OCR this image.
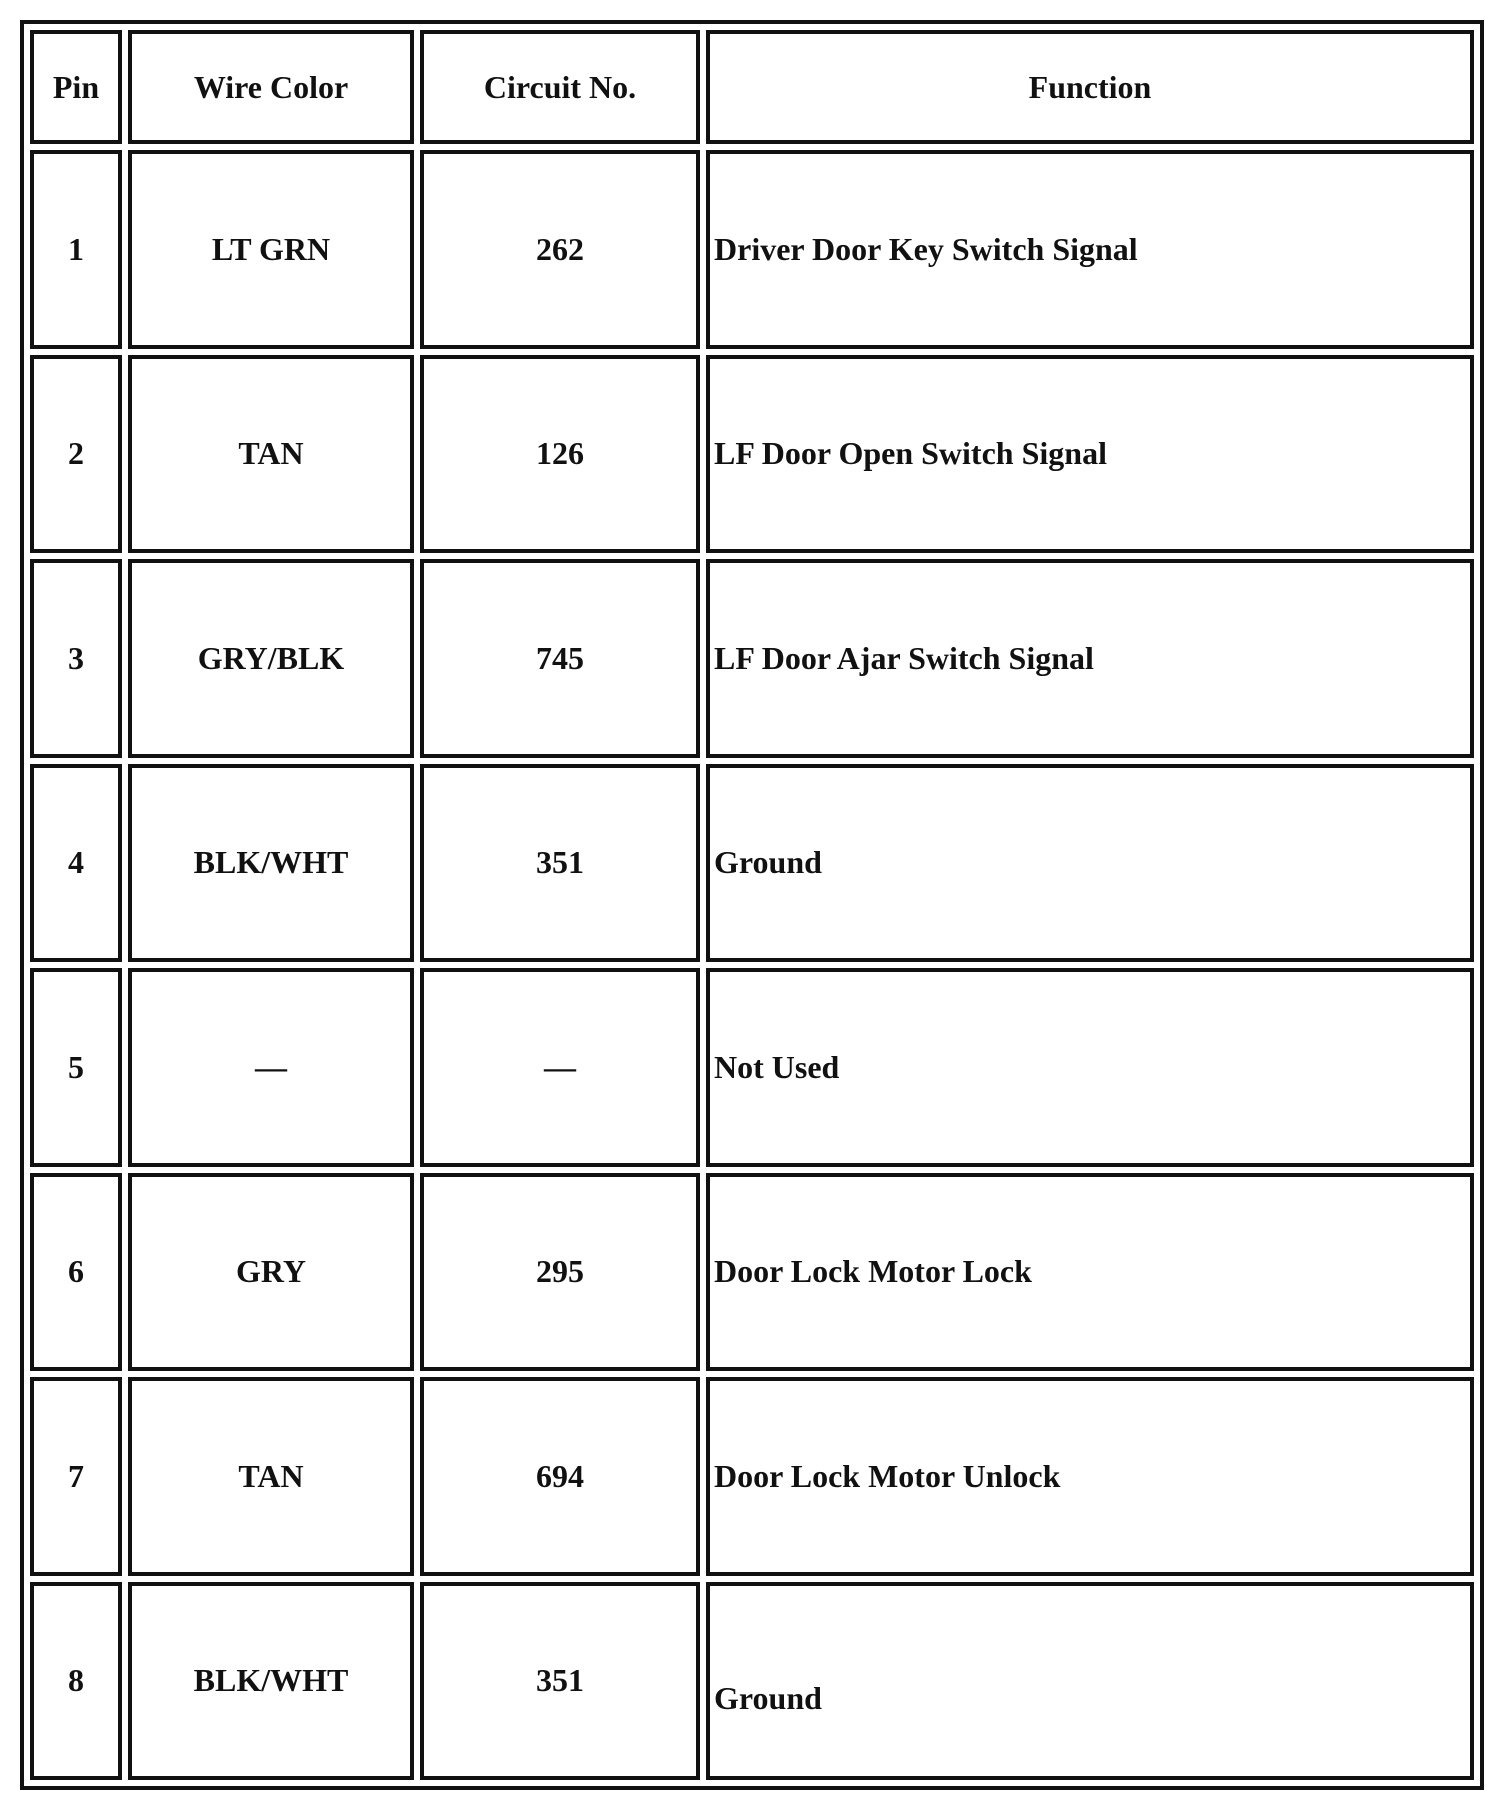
Pin	Wire Color	Circuit No.	Function
1	LT GRN	262	Driver Door Key Switch Signal
2	TAN	126	LF Door Open Switch Signal
3	GRY/BLK	745	LF Door Ajar Switch Signal
4	BLK/WHT	351	Ground
5	—	—	Not Used
6	GRY	295	Door Lock Motor Lock
7	TAN	694	Door Lock Motor Unlock
8	BLK/WHT	351	Ground
